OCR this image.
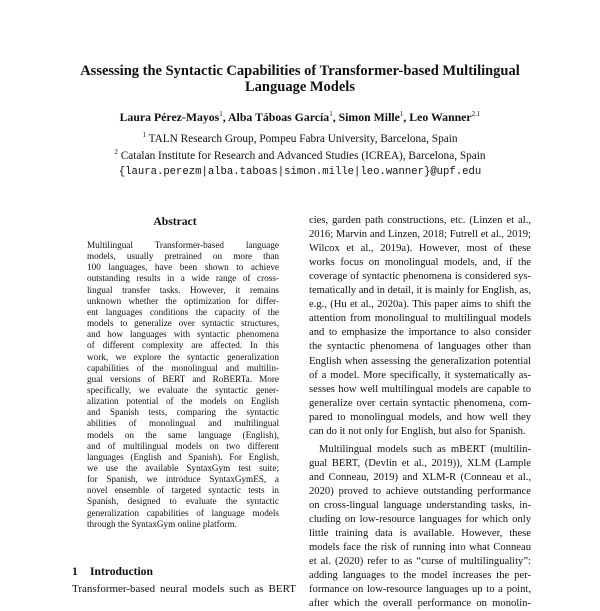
Assessing the Syntactic Capabilities of Transformer-based Multilingual
Language Models
Laura Pérez-Mayos$^1$, Alba Táboas García$^1$, Simon Mille$^1$, Leo Wanner$^{2,1}$
$^1$ TALN Research Group, Pompeu Fabra University, Barcelona, Spain
$^2$ Catalan Institute for Research and Advanced Studies (ICREA), Barcelona, Spain
{laura.perezm|alba.taboas|simon.mille|leo.wanner}@upf.edu
Abstract
Multilingual Transformer-based language
models, usually pretrained on more than
100 languages, have been shown to achieve
outstanding results in a wide range of cross-
lingual transfer tasks. However, it remains
unknown whether the optimization for differ-
ent languages conditions the capacity of the
models to generalize over syntactic structures,
and how languages with syntactic phenomena
of different complexity are affected. In this
work, we explore the syntactic generalization
capabilities of the monolingual and multilin-
gual versions of BERT and RoBERTa. More
specifically, we evaluate the syntactic gener-
alization potential of the models on English
and Spanish tests, comparing the syntactic
abilities of monolingual and multilingual
models on the same language (English),
and of multilingual models on two different
languages (English and Spanish). For English,
we use the available SyntaxGym test suite;
for Spanish, we introduce SyntaxGymES, a
novel ensemble of targeted syntactic tests in
Spanish, designed to evaluate the syntactic
generalization capabilities of language models
through the SyntaxGym online platform.
1 Introduction
Transformer-based neural models such as BERT
cies, garden path constructions, etc. (Linzen et al.,
2016; Marvin and Linzen, 2018; Futrell et al., 2019;
Wilcox et al., 2019a). However, most of these
works focus on monolingual models, and, if the
coverage of syntactic phenomena is considered sys-
tematically and in detail, it is mainly for English, as,
e.g., (Hu et al., 2020a). This paper aims to shift the
attention from monolingual to multilingual models
and to emphasize the importance to also consider
the syntactic phenomena of languages other than
English when assessing the generalization potential
of a model. More specifically, it systematically as-
sesses how well multilingual models are capable to
generalize over certain syntactic phenomena, com-
pared to monolingual models, and how well they
can do it not only for English, but also for Spanish.
Multilingual models such as mBERT (multilin-
gual BERT, (Devlin et al., 2019)), XLM (Lample
and Conneau, 2019) and XLM-R (Conneau et al.,
2020) proved to achieve outstanding performance
on cross-lingual language understanding tasks, in-
cluding on low-resource languages for which only
little training data is available. However, these
models face the risk of running into what Conneau
et al. (2020) refer to as “curse of multilinguality”:
adding languages to the model increases the per-
formance on low-resource languages up to a point,
after which the overall performance on monolin-
